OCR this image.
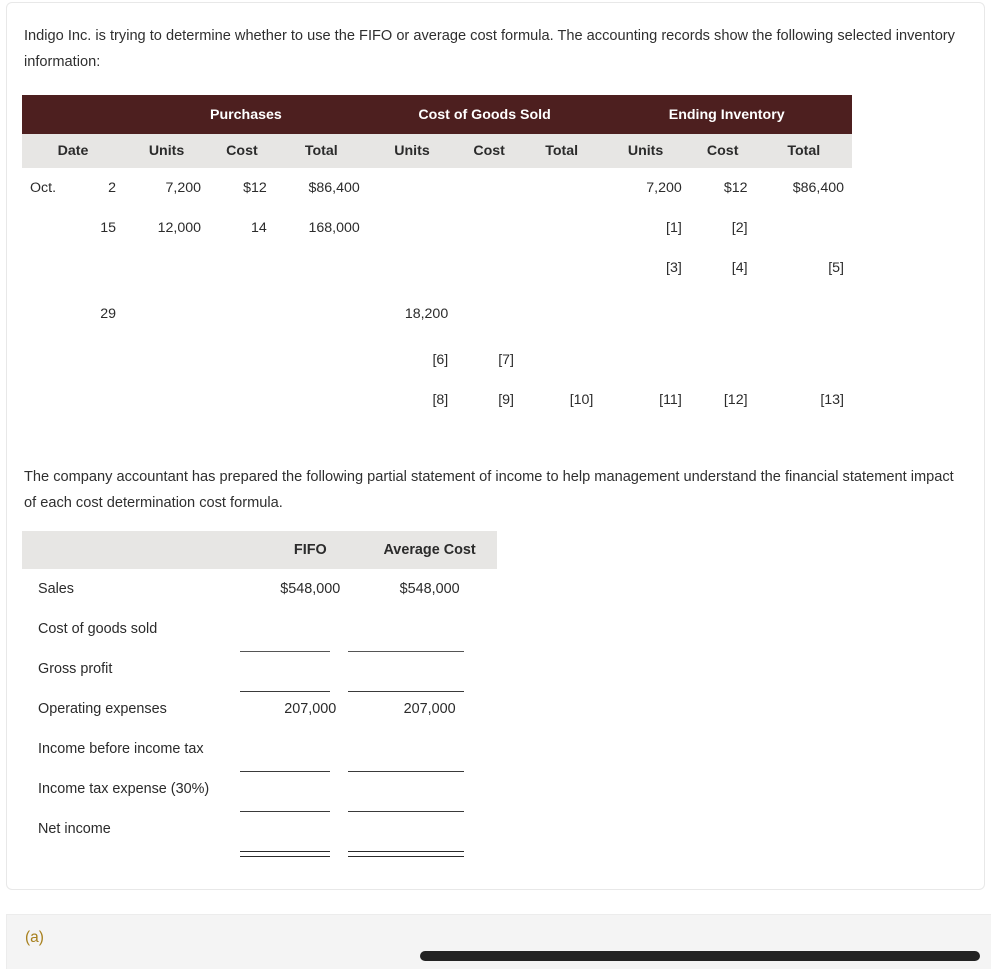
Indigo Inc. is trying to determine whether to use the FIFO or average cost formula. The accounting records show the following selected inventory information:
		Purchases			Cost of Goods Sold			Ending Inventory		
Date		Units	Cost	Total	Units	Cost	Total	Units	Cost	Total
Oct.	2	7,200	$12	$86,400				7,200	$12	$86,400
	15	12,000	14	168,000				[1]	[2]	
								[3]	[4]	[5]
	29				18,200					
					[6]	[7]				
					[8]	[9]	[10]	[11]	[12]	[13]
The company accountant has prepared the following partial statement of income to help management understand the financial statement impact of each cost determination cost formula.
	FIFO	Average Cost
Sales	$548,000	$548,000
Cost of goods sold		
Gross profit		
Operating expenses	207,000	207,000
Income before income tax		
Income tax expense (30%)		
Net income		
(a)
